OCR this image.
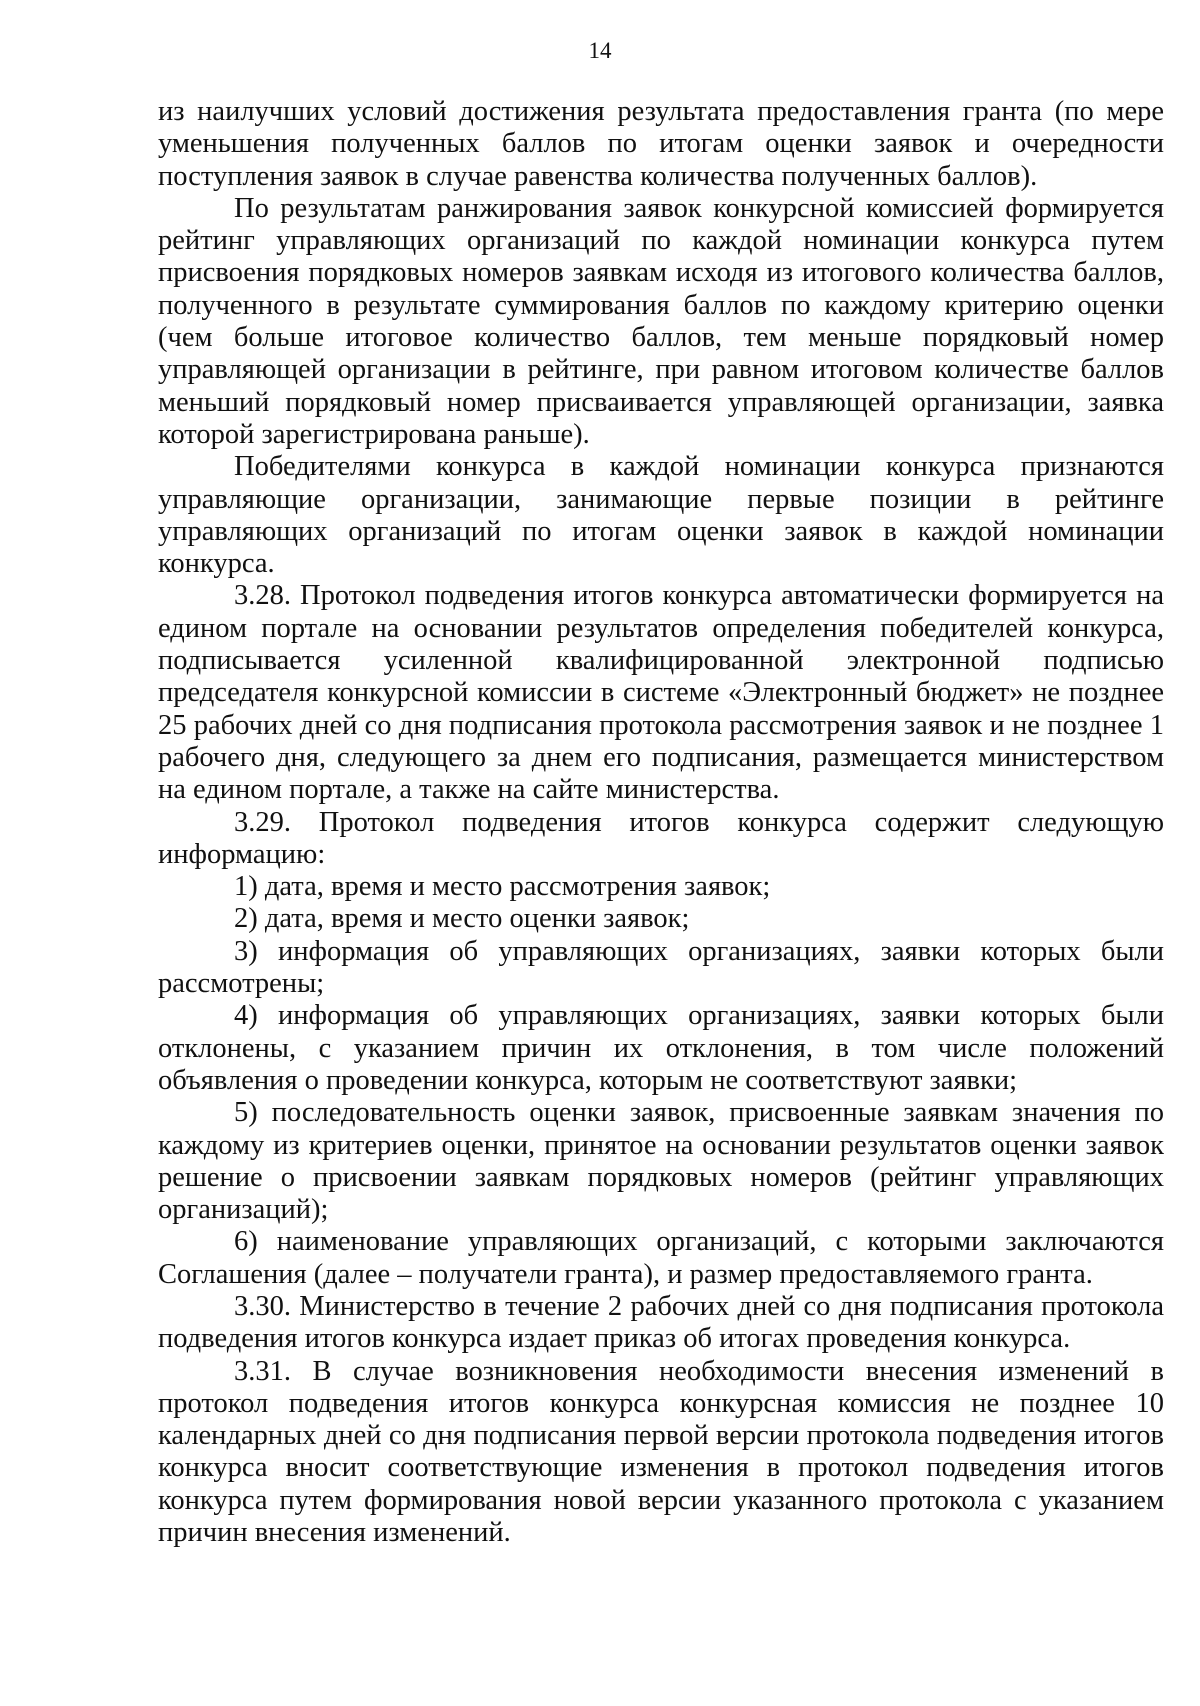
14

из наилучших условий достижения результата предоставления гранта (по мере уменьшения полученных баллов по итогам оценки заявок и очередности поступления заявок в случае равенства количества полученных баллов).

По результатам ранжирования заявок конкурсной комиссией формируется рейтинг управляющих организаций по каждой номинации конкурса путем присвоения порядковых номеров заявкам исходя из итогового количества баллов, полученного в результате суммирования баллов по каждому критерию оценки (чем больше итоговое количество баллов, тем меньше порядковый номер управляющей организации в рейтинге, при равном итоговом количестве баллов меньший порядковый номер присваивается управляющей организации, заявка которой зарегистрирована раньше).

Победителями конкурса в каждой номинации конкурса признаются управляющие организации, занимающие первые позиции в рейтинге управляющих организаций по итогам оценки заявок в каждой номинации конкурса.

3.28. Протокол подведения итогов конкурса автоматически формируется на едином портале на основании результатов определения победителей конкурса, подписывается усиленной квалифицированной электронной подписью председателя конкурсной комиссии в системе «Электронный бюджет» не позднее 25 рабочих дней со дня подписания протокола рассмотрения заявок и не позднее 1 рабочего дня, следующего за днем его подписания, размещается министерством на едином портале, а также на сайте министерства.

3.29. Протокол подведения итогов конкурса содержит следующую информацию:

1) дата, время и место рассмотрения заявок;

2) дата, время и место оценки заявок;

3) информация об управляющих организациях, заявки которых были рассмотрены;

4) информация об управляющих организациях, заявки которых были отклонены, с указанием причин их отклонения, в том числе положений объявления о проведении конкурса, которым не соответствуют заявки;

5) последовательность оценки заявок, присвоенные заявкам значения по каждому из критериев оценки, принятое на основании результатов оценки заявок решение о присвоении заявкам порядковых номеров (рейтинг управляющих организаций);

6) наименование управляющих организаций, с которыми заключаются Соглашения (далее – получатели гранта), и размер предоставляемого гранта.

3.30. Министерство в течение 2 рабочих дней со дня подписания протокола подведения итогов конкурса издает приказ об итогах проведения конкурса.

3.31. В случае возникновения необходимости внесения изменений в протокол подведения итогов конкурса конкурсная комиссия не позднее 10 календарных дней со дня подписания первой версии протокола подведения итогов конкурса вносит соответствующие изменения в протокол подведения итогов конкурса путем формирования новой версии указанного протокола с указанием причин внесения изменений.
